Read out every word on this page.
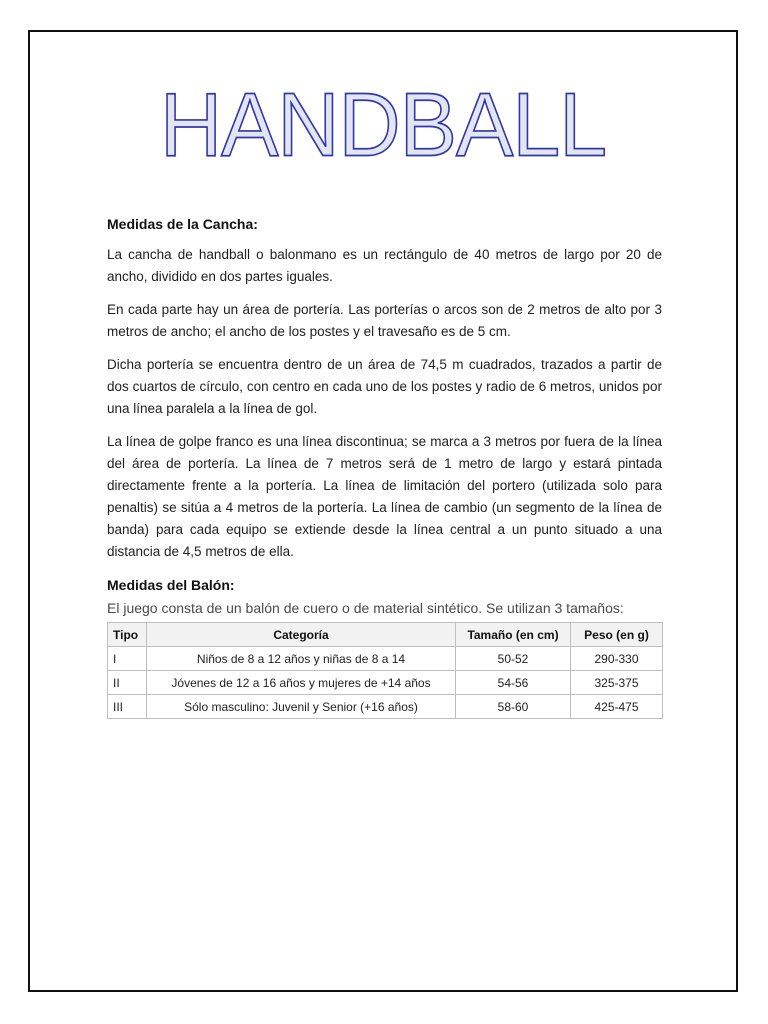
HANDBALL
Medidas de la Cancha:

La cancha de handball o balonmano es un rectángulo de 40 metros de largo por 20 de ancho, dividido en dos partes iguales.

En cada parte hay un área de portería. Las porterías o arcos son de 2 metros de alto por 3 metros de ancho; el ancho de los postes y el travesaño es de 5 cm.

Dicha portería se encuentra dentro de un área de 74,5 m cuadrados, trazados a partir de dos cuartos de círculo, con centro en cada uno de los postes y radio de 6 metros, unidos por una línea paralela a la línea de gol.

La línea de golpe franco es una línea discontinua; se marca a 3 metros por fuera de la línea del área de portería. La línea de 7 metros será de 1 metro de largo y estará pintada directamente frente a la portería. La línea de limitación del portero (utilizada solo para penaltis) se sitúa a 4 metros de la portería. La línea de cambio (un segmento de la línea de banda) para cada equipo se extiende desde la línea central a un punto situado a una distancia de 4,5 metros de ella.

Medidas del Balón:

El juego consta de un balón de cuero o de material sintético. Se utilizan 3 tamaños:

Tipo	Categoría	Tamaño (en cm)	Peso (en g)
I	Niños de 8 a 12 años y niñas de 8 a 14	50-52	290-330
II	Jóvenes de 12 a 16 años y mujeres de +14 años	54-56	325-375
III	Sólo masculino: Juvenil y Senior (+16 años)	58-60	425-475
